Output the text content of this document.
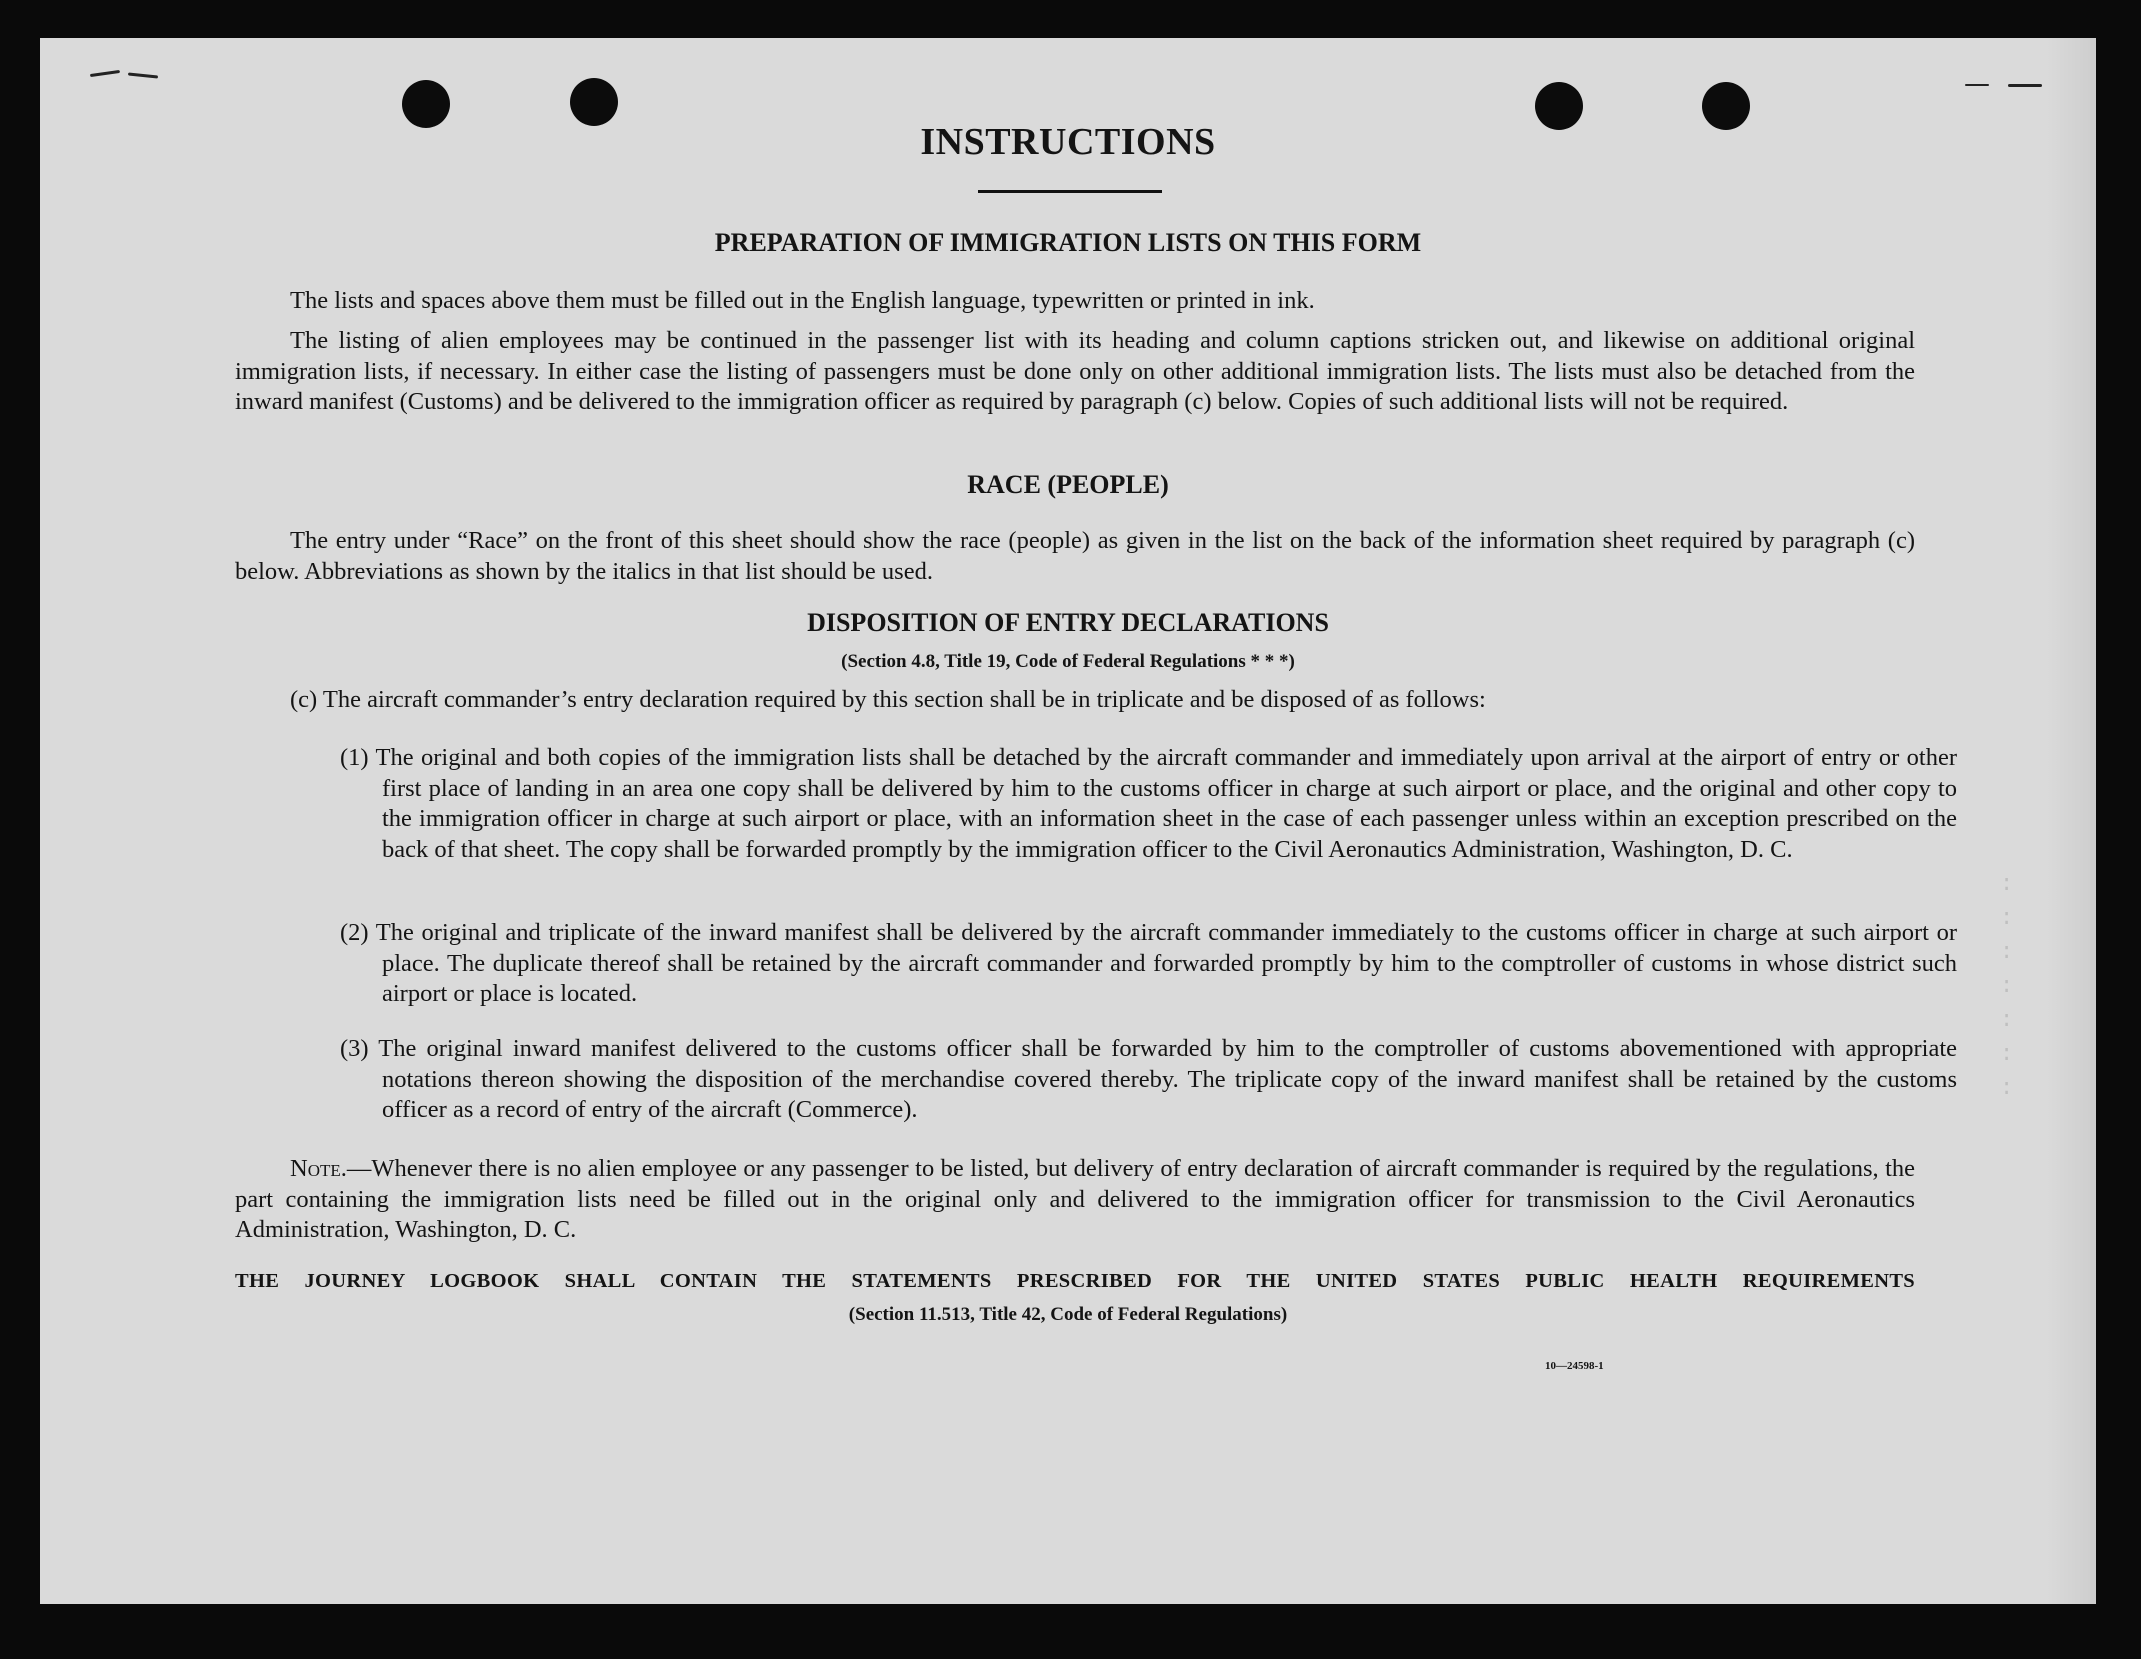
:
:
:
:
:
:
:
INSTRUCTIONS
PREPARATION OF IMMIGRATION LISTS ON THIS FORM
The lists and spaces above them must be filled out in the English language, typewritten or printed in ink.
The listing of alien employees may be continued in the passenger list with its heading and column captions stricken out, and likewise on additional original immigration lists, if necessary. In either case the listing of passengers must be done only on other additional immigration lists. The lists must also be detached from the inward manifest (Customs) and be delivered to the immigration officer as required by paragraph (c) below. Copies of such additional lists will not be required.
RACE (PEOPLE)
The entry under “Race” on the front of this sheet should show the race (people) as given in the list on the back of the information sheet required by paragraph (c) below. Abbreviations as shown by the italics in that list should be used.
DISPOSITION OF ENTRY DECLARATIONS
(Section 4.8, Title 19, Code of Federal Regulations * * *)
(c) The aircraft commander’s entry declaration required by this section shall be in triplicate and be disposed of as follows:
(1) The original and both copies of the immigration lists shall be detached by the aircraft commander and immediately upon arrival at the airport of entry or other first place of landing in an area one copy shall be delivered by him to the customs officer in charge at such airport or place, and the original and other copy to the immigration officer in charge at such airport or place, with an information sheet in the case of each passenger unless within an exception prescribed on the back of that sheet. The copy shall be forwarded promptly by the immigration officer to the Civil Aeronautics Administration, Washington, D. C.
(2) The original and triplicate of the inward manifest shall be delivered by the aircraft commander immediately to the customs officer in charge at such airport or place. The duplicate thereof shall be retained by the aircraft commander and forwarded promptly by him to the comptroller of customs in whose district such airport or place is located.
(3) The original inward manifest delivered to the customs officer shall be forwarded by him to the comptroller of customs abovementioned with appropriate notations thereon showing the disposition of the merchandise covered thereby. The triplicate copy of the inward manifest shall be retained by the customs officer as a record of entry of the aircraft (Commerce).
Note.—Whenever there is no alien employee or any passenger to be listed, but delivery of entry declaration of aircraft commander is required by the regulations, the part containing the immigration lists need be filled out in the original only and delivered to the immigration officer for transmission to the Civil Aeronautics Administration, Washington, D. C.
THE JOURNEY LOGBOOK SHALL CONTAIN THE STATEMENTS PRESCRIBED FOR THE UNITED STATES PUBLIC HEALTH REQUIREMENTS
(Section 11.513, Title 42, Code of Federal Regulations)
10—24598-1
